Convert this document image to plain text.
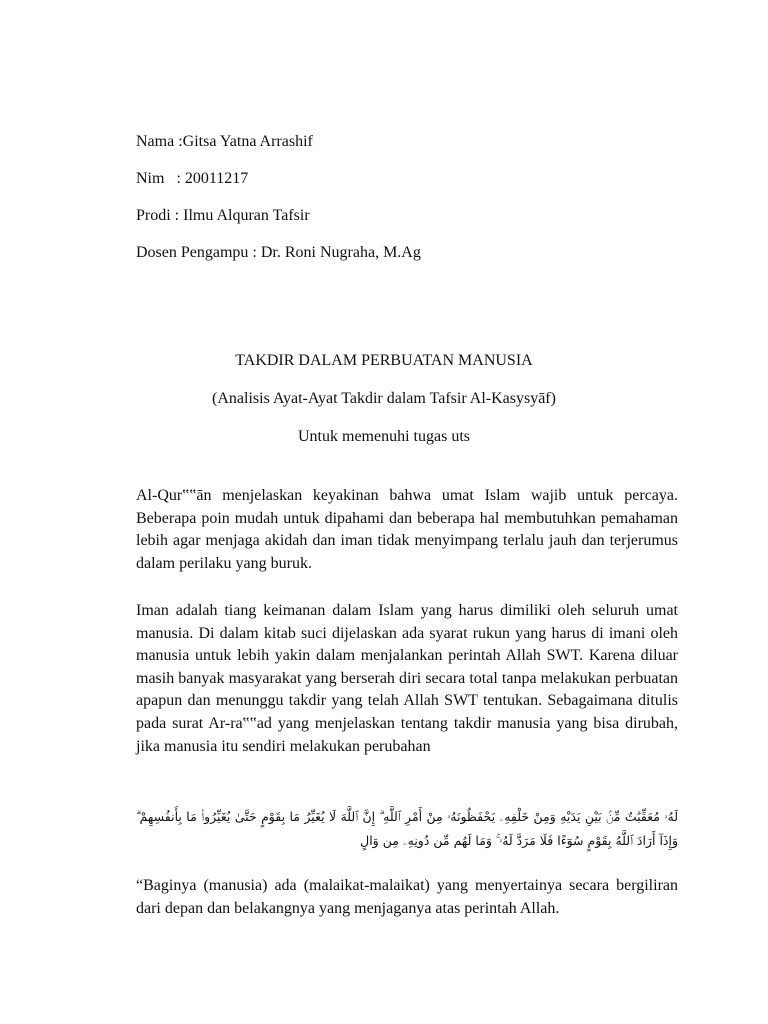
Nama :Gitsa Yatna Arrashif
Nim   : 20011217
Prodi : Ilmu Alquran Tafsir
Dosen Pengampu : Dr. Roni Nugraha, M.Ag
TAKDIR DALAM PERBUATAN MANUSIA
(Analisis Ayat-Ayat Takdir dalam Tafsir Al-Kasysyāf)
Untuk memenuhi tugas uts

Al-Qur‟‟ān menjelaskan keyakinan bahwa umat Islam wajib untuk percaya. Beberapa poin mudah untuk dipahami dan beberapa hal membutuhkan pemahaman lebih agar menjaga akidah dan iman tidak menyimpang terlalu jauh dan terjerumus dalam perilaku yang buruk.

Iman adalah tiang keimanan dalam Islam yang harus dimiliki oleh seluruh umat manusia. Di dalam kitab suci dijelaskan ada syarat rukun yang harus di imani oleh manusia untuk lebih yakin dalam menjalankan perintah Allah SWT. Karena diluar masih banyak masyarakat yang berserah diri secara total tanpa melakukan perbuatan apapun dan menunggu takdir yang telah Allah SWT tentukan. Sebagaimana ditulis pada surat Ar-ra‟‟ad yang menjelaskan tentang takdir manusia yang bisa dirubah, jika manusia itu sendiri melakukan perubahan

لَهُۥ مُعَقِّبَٰتٌ مِّنۢ بَيْنِ يَدَيْهِ وَمِنْ خَلْفِهِۦ يَحْفَظُونَهُۥ مِنْ أَمْرِ ٱللَّهِ ۗ إِنَّ ٱللَّهَ لَا يُغَيِّرُ مَا بِقَوْمٍ حَتَّىٰ يُغَيِّرُوا۟ مَا بِأَنفُسِهِمْ ۗ وَإِذَآ أَرَادَ ٱللَّهُ بِقَوْمٍ سُوٓءًا فَلَا مَرَدَّ لَهُۥ ۚ وَمَا لَهُم مِّن دُونِهِۦ مِن وَالٍ

“Baginya (manusia) ada (malaikat-malaikat) yang menyertainya secara bergiliran dari depan dan belakangnya yang menjaganya atas perintah Allah.
